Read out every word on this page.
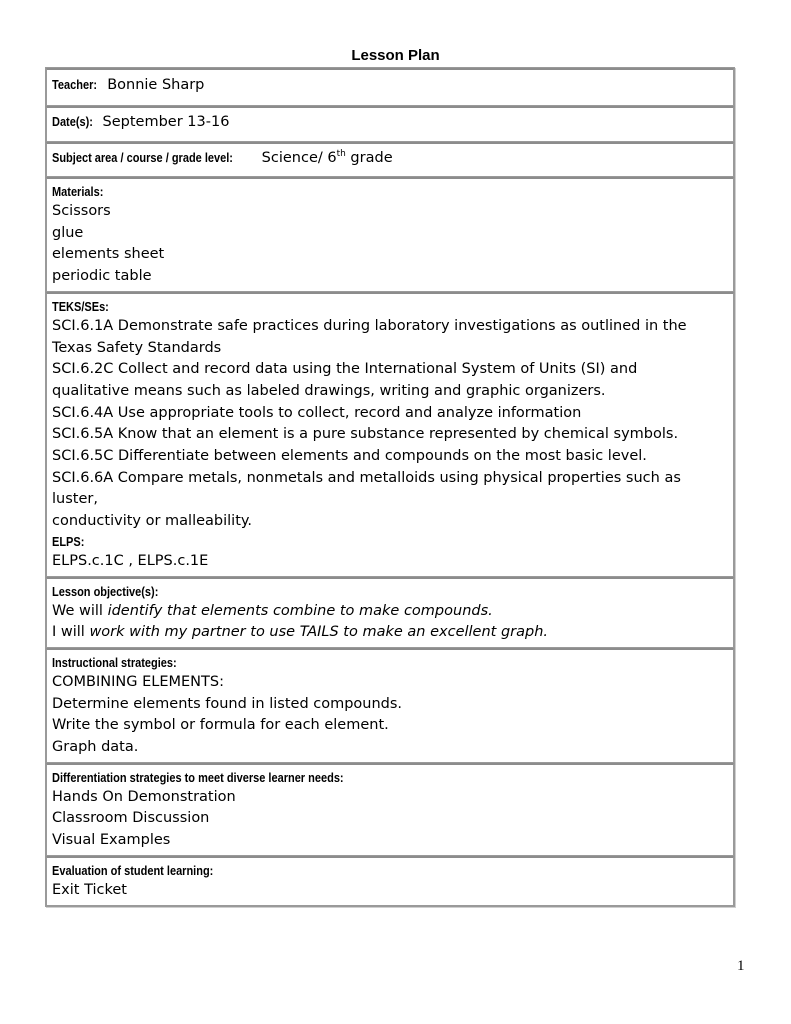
Lesson Plan
Teacher: Bonnie Sharp
Date(s): September 13-16
Subject area / course / grade level: Science/ 6th grade
Materials:
Scissors
glue
elements sheet
periodic table

TEKS/SEs:
SCI.6.1A Demonstrate safe practices during laboratory investigations as outlined in the
Texas Safety Standards
SCI.6.2C Collect and record data using the International System of Units (SI) and
qualitative means such as labeled drawings, writing and graphic organizers.
SCI.6.4A Use appropriate tools to collect, record and analyze information
SCI.6.5A Know that an element is a pure substance represented by chemical symbols.
SCI.6.5C Differentiate between elements and compounds on the most basic level.
SCI.6.6A Compare metals, nonmetals and metalloids using physical properties such as luster,
conductivity or malleability.
ELPS:
ELPS.c.1C , ELPS.c.1E

Lesson objective(s):
We will identify that elements combine to make compounds.
I will work with my partner to use TAILS to make an excellent graph.

Instructional strategies:
COMBINING ELEMENTS:
Determine elements found in listed compounds.
Write the symbol or formula for each element.
Graph data.

Differentiation strategies to meet diverse learner needs:
Hands On Demonstration
Classroom Discussion
Visual Examples

Evaluation of student learning:
Exit Ticket
1
